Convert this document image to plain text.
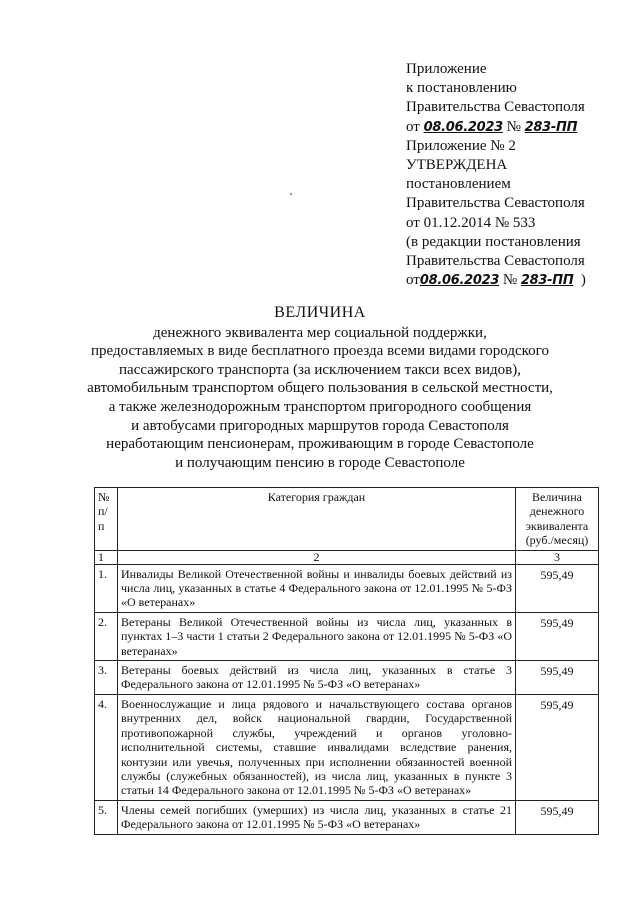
Приложение
к постановлению
Правительства Севастополя
от 08.06.2023 № 283-ПП
Приложение № 2
УТВЕРЖДЕНА
постановлением
Правительства Севастополя
от 01.12.2014 № 533
(в редакции постановления
Правительства Севастополя
от08.06.2023 № 283-ПП )
ВЕЛИЧИНА
денежного эквивалента мер социальной поддержки,
предоставляемых в виде бесплатного проезда всеми видами городского
пассажирского транспорта (за исключением такси всех видов),
автомобильным транспортом общего пользования в сельской местности,
а также железнодорожным транспортом пригородного сообщения
и автобусами пригородных маршрутов города Севастополя
неработающим пенсионерам, проживающим в городе Севастополе
и получающим пенсию в городе Севастополе
№ п/п	Категория граждан	Величина денежного эквивалента (руб./месяц)
1	2	3
1.	Инвалиды Великой Отечественной войны и инвалиды боевых действий из числа лиц, указанных в статье 4 Федерального закона от 12.01.1995 № 5-ФЗ «О ветеранах»	595,49
2.	Ветераны Великой Отечественной войны из числа лиц, указанных в пунктах 1–3 части 1 статьи 2 Федерального закона от 12.01.1995 № 5-ФЗ «О ветеранах»	595,49
3.	Ветераны боевых действий из числа лиц, указанных в статье 3 Федерального закона от 12.01.1995 № 5-ФЗ «О ветеранах»	595,49
4.	Военнослужащие и лица рядового и начальствующего состава органов внутренних дел, войск национальной гвардии, Государственной противопожарной службы, учреждений и органов уголовно-исполнительной системы, ставшие инвалидами вследствие ранения, контузии или увечья, полученных при исполнении обязанностей военной службы (служебных обязанностей), из числа лиц, указанных в пункте 3 статьи 14 Федерального закона от 12.01.1995 № 5-ФЗ «О ветеранах»	595,49
5.	Члены семей погибших (умерших) из числа лиц, указанных в статье 21 Федерального закона от 12.01.1995 № 5-ФЗ «О ветеранах»	595,49
